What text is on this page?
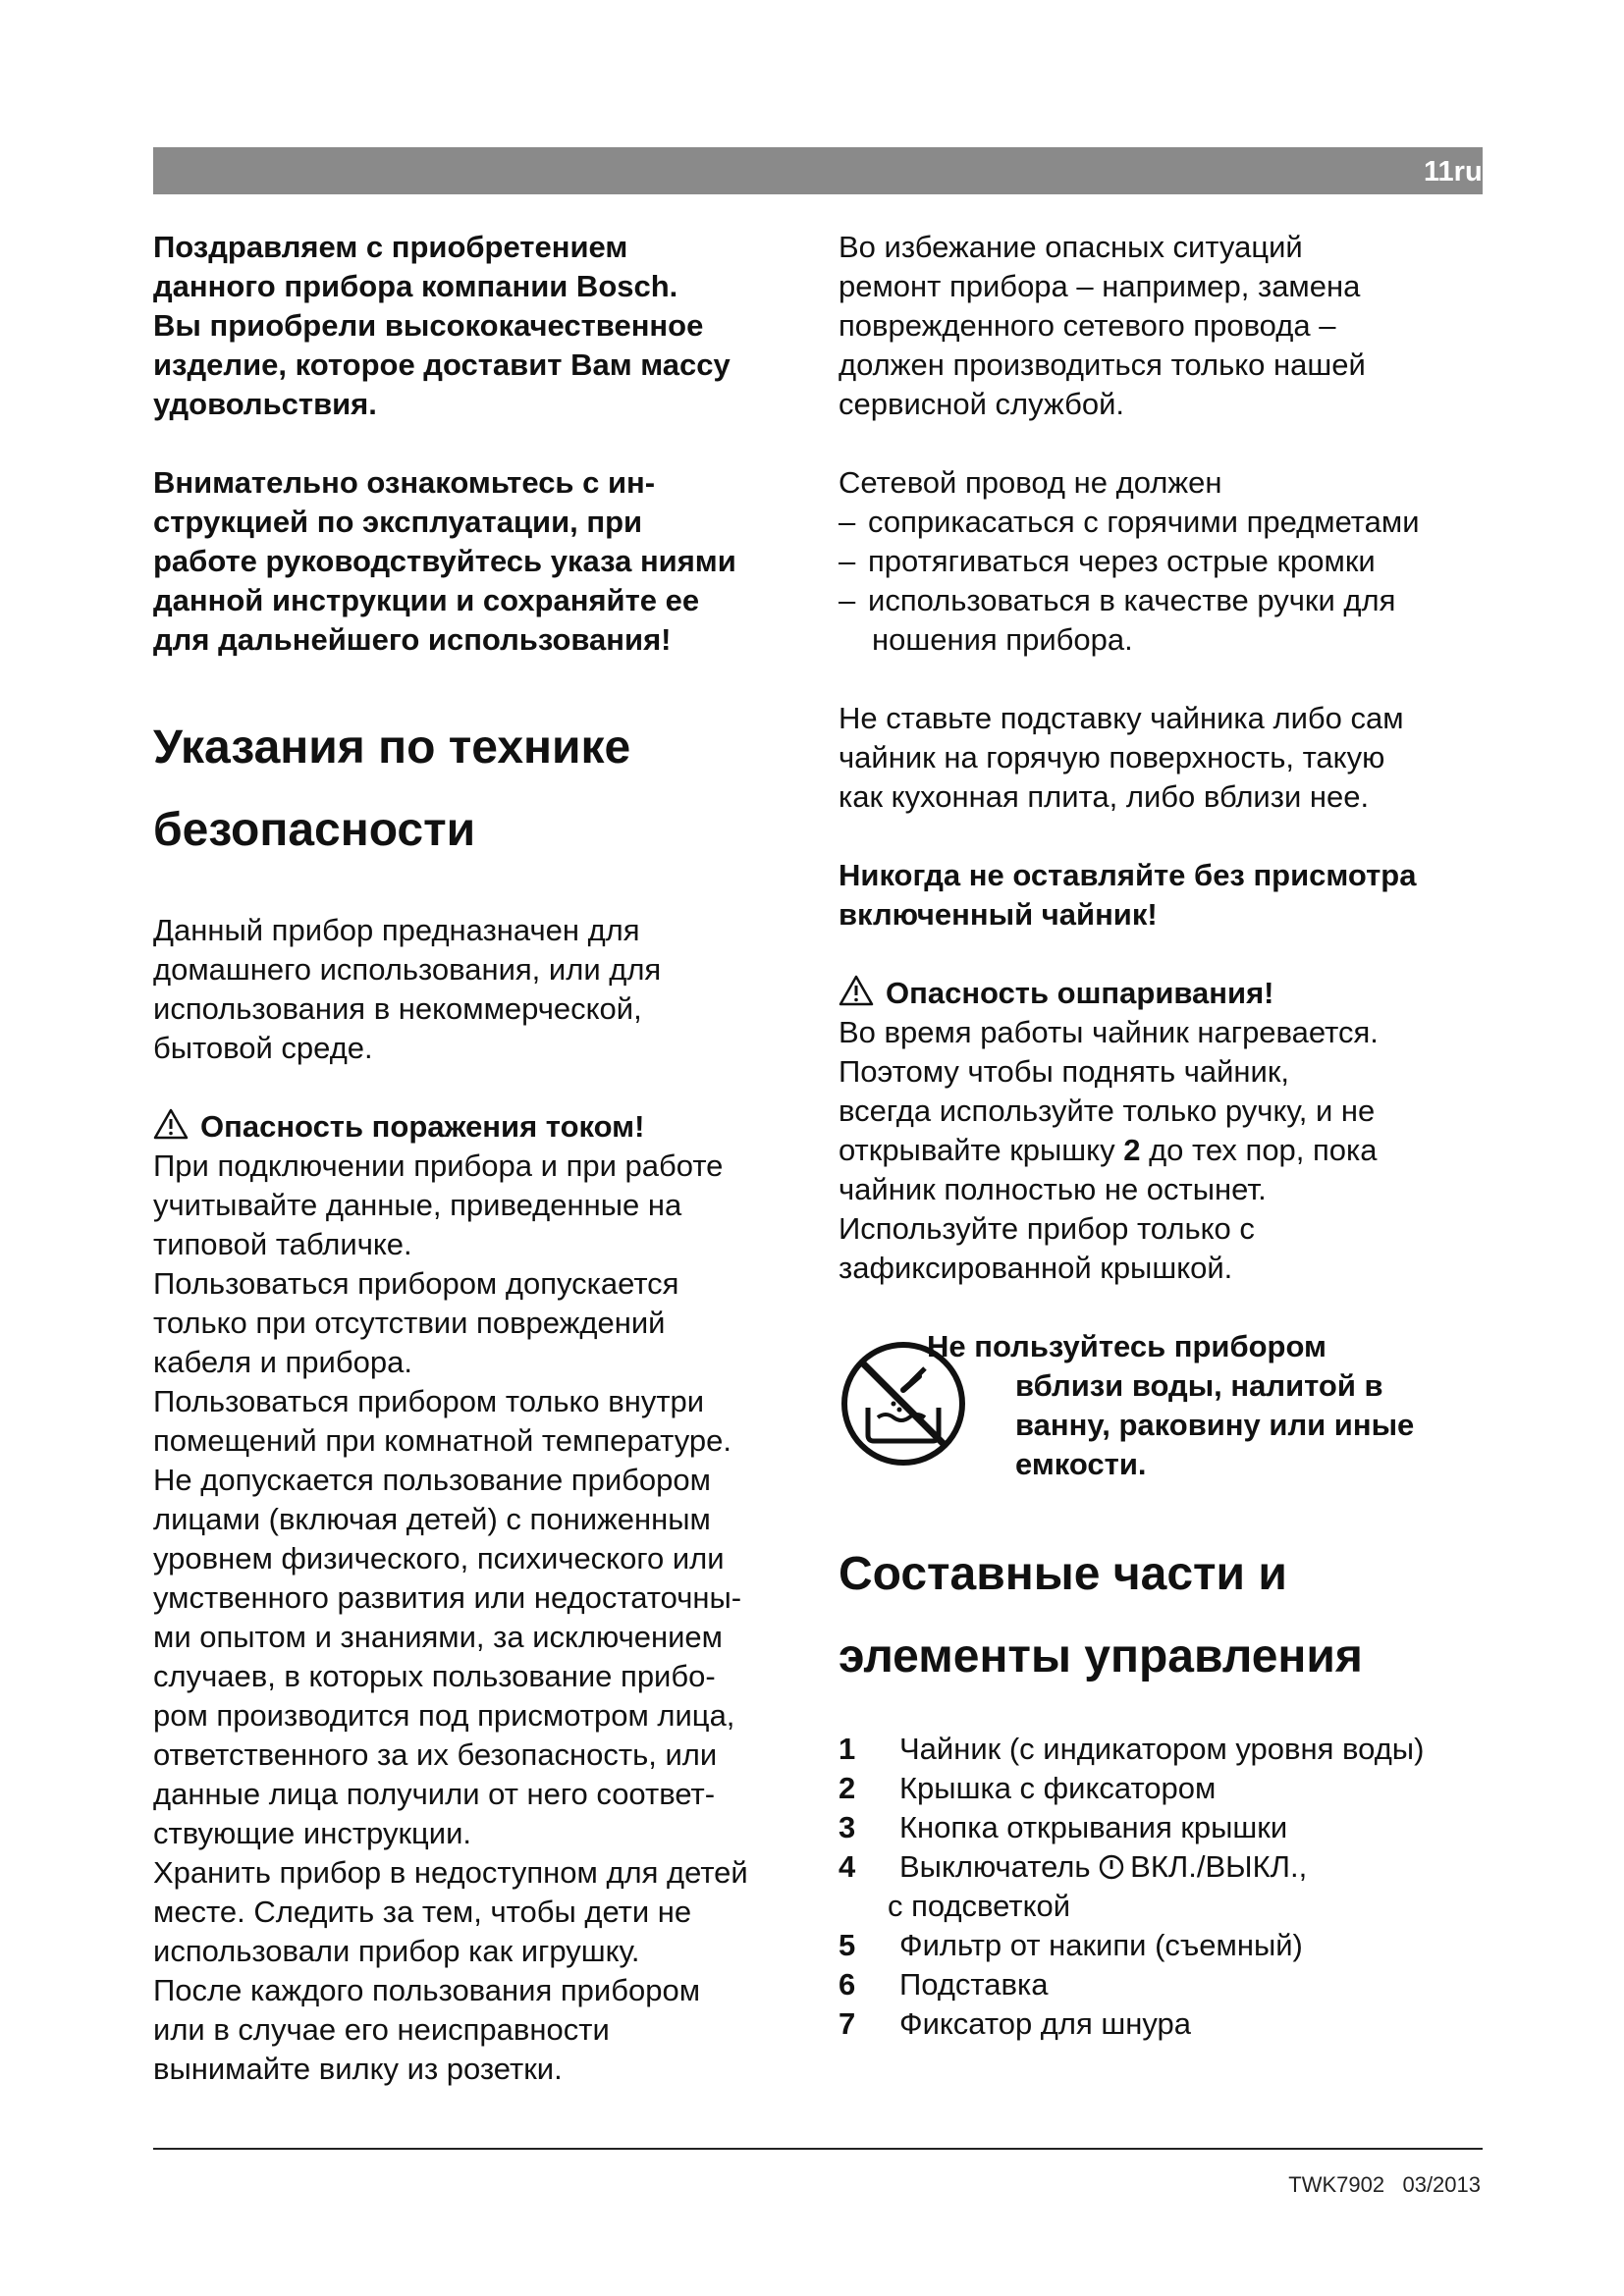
11ru
Поздравляем с приобретением
данного прибора компании Bosch.
Вы приобрели высококачественное
изделие, которое доставит Вам массу
удовольствия.
Внимательно ознакомьтесь с ин-
струкцией по эксплуатации, при
работе руководствуйтесь указа ниями
данной инструкции и сохраняйте ее
для дальнейшего использования!
Указания по технике
безопасности
Данный прибор предназначен для
домашнего использования, или для
использования в некоммерческой,
бытовой среде.
Опасность поражения током!
При подключении прибора и при работе
учитывайте данные, приведенные на
типовой табличке.
Пользоваться прибором допускается
только при отсутствии повреждений
кабеля и прибора.
Пользоваться прибором только внутри
помещений при комнатной температуре.
Не допускается пользование прибором
лицами (включая детей) с пониженным
уровнем физического, психического или
умственного развития или недостаточны-
ми опытом и знаниями, за исключением
случаев, в которых пользование прибо-
ром производится под присмотром лица,
ответственного за их безопасность, или
данные лица получили от него соответ-
ствующие инструкции.
Хранить прибор в недоступном для детей
месте. Следить за тем, чтобы дети не
использовали прибор как игрушку.
После каждого пользования прибором
или в случае его неисправности
вынимайте вилку из розетки.
Во избежание опасных ситуаций
ремонт прибора – например, замена
поврежденного сетевого провода –
должен производиться только нашей
сервисной службой.
Сетевой провод не должен
– соприкасаться с горячими предметами
– протягиваться через острые кромки
– использоваться в качестве ручки для
ношения прибора.
Не ставьте подставку чайника либо сам
чайник на горячую поверхность, такую
как кухонная плита, либо вблизи нее.
Никогда не оставляйте без присмотра
включенный чайник!
Опасность ошпаривания!
Во время работы чайник нагревается.
Поэтому чтобы поднять чайник,
всегда используйте только ручку, и не
открывайте крышку 2 до тех пор, пока
чайник полностью не остынет.
Используйте прибор только с
зафиксированной крышкой.
Не пользуйтесь прибором
вблизи воды, налитой в
ванну, раковину или иные
емкости.
Составные части и
элементы управления
1 Чайник (с индикатором уровня воды)
2 Крышка с фиксатором
3 Кнопка открывания крышки
4 Выключатель ВКЛ./ВЫКЛ.,
с подсветкой
5 Фильтр от накипи (съемный)
6 Подставка
7 Фиксатор для шнура
TWK7902 03/2013
